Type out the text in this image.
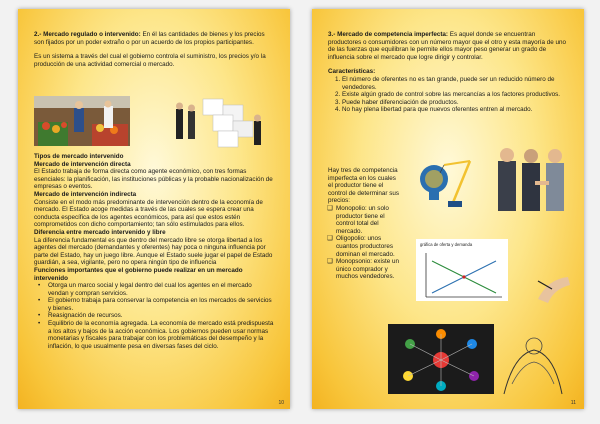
2.- Mercado regulado o intervenido: En él las cantidades de bienes y los precios son fijados por un poder extraño o por un acuerdo de los propios participantes.

Es un sistema a través del cual el gobierno controla el suministro, los precios y/o la producción de una actividad comercial o mercado.

Tipos de mercado intervenido

Mercado de intervención directa

El Estado trabaja de forma directa como agente económico, con tres formas esenciales: la planificación, las instituciones públicas y la probable nacionalización de empresas o eventos.

Mercado de intervención indirecta

Consiste en el modo más predominante de intervención dentro de la economía de mercado. El Estado acoge medidas a través de las cuales se espera crear una conducta específica de los agentes económicos, para así que estos estén comprometidos con dicho comportamiento; tan sólo estimulados para ellos.

Diferencia entre mercado intervenido y libre

La diferencia fundamental es que dentro del mercado libre se otorga libertad a los agentes del mercado (demandantes y oferentes) hay poca o ninguna influencia por parte del Estado, hay un juego libre. Aunque el Estado suele jugar el papel de Estado guardián, a sea, vigilante, pero no opera ningún tipo de influencia

Funciones importantes que el gobierno puede realizar en un mercado intervenido

• Otorga un marco social y legal dentro del cual los agentes en el mercado vendan y compran servicios.
• El gobierno trabaja para conservar la competencia en los mercados de servicios y bienes.
• Reasignación de recursos.
• Equilibrio de la economía agregada. La economía de mercado está predispuesta a los altos y bajos de la acción económica. Los gobiernos pueden usar normas monetarias y fiscales para trabajar con los problemáticas del desempeño y la inflación, lo que usualmente pesa en diversas fases del ciclo.
10

3.- Mercado de competencia imperfecta: Es aquel donde se encuentran productores o consumidores con un número mayor que el otro y esta mayoría de uno de las fuerzas que equilibran le permite ellos mayor peso generar un grado de influencia sobre el mercado que logre dirigir y controlar.

Características:

1. El número de oferentes no es tan grande, puede ser un reducido número de vendedores.
2. Existe algún grado de control sobre las mercancías a los factores productivos.
3. Puede haber diferenciación de productos.
4. No hay plena libertad para que nuevos oferentes entren al mercado.

Hay tres de competencia imperfecta en los cuales el productor tiene el control de determinar sus precios:

❑ Monopolio: un solo productor tiene el control total del mercado.
❑ Oligopolio: unos cuantos productores dominan el mercado.
❑ Monopsonio: existe un único comprador y muchos vendedores.
gráfica de oferta y demanda
11
